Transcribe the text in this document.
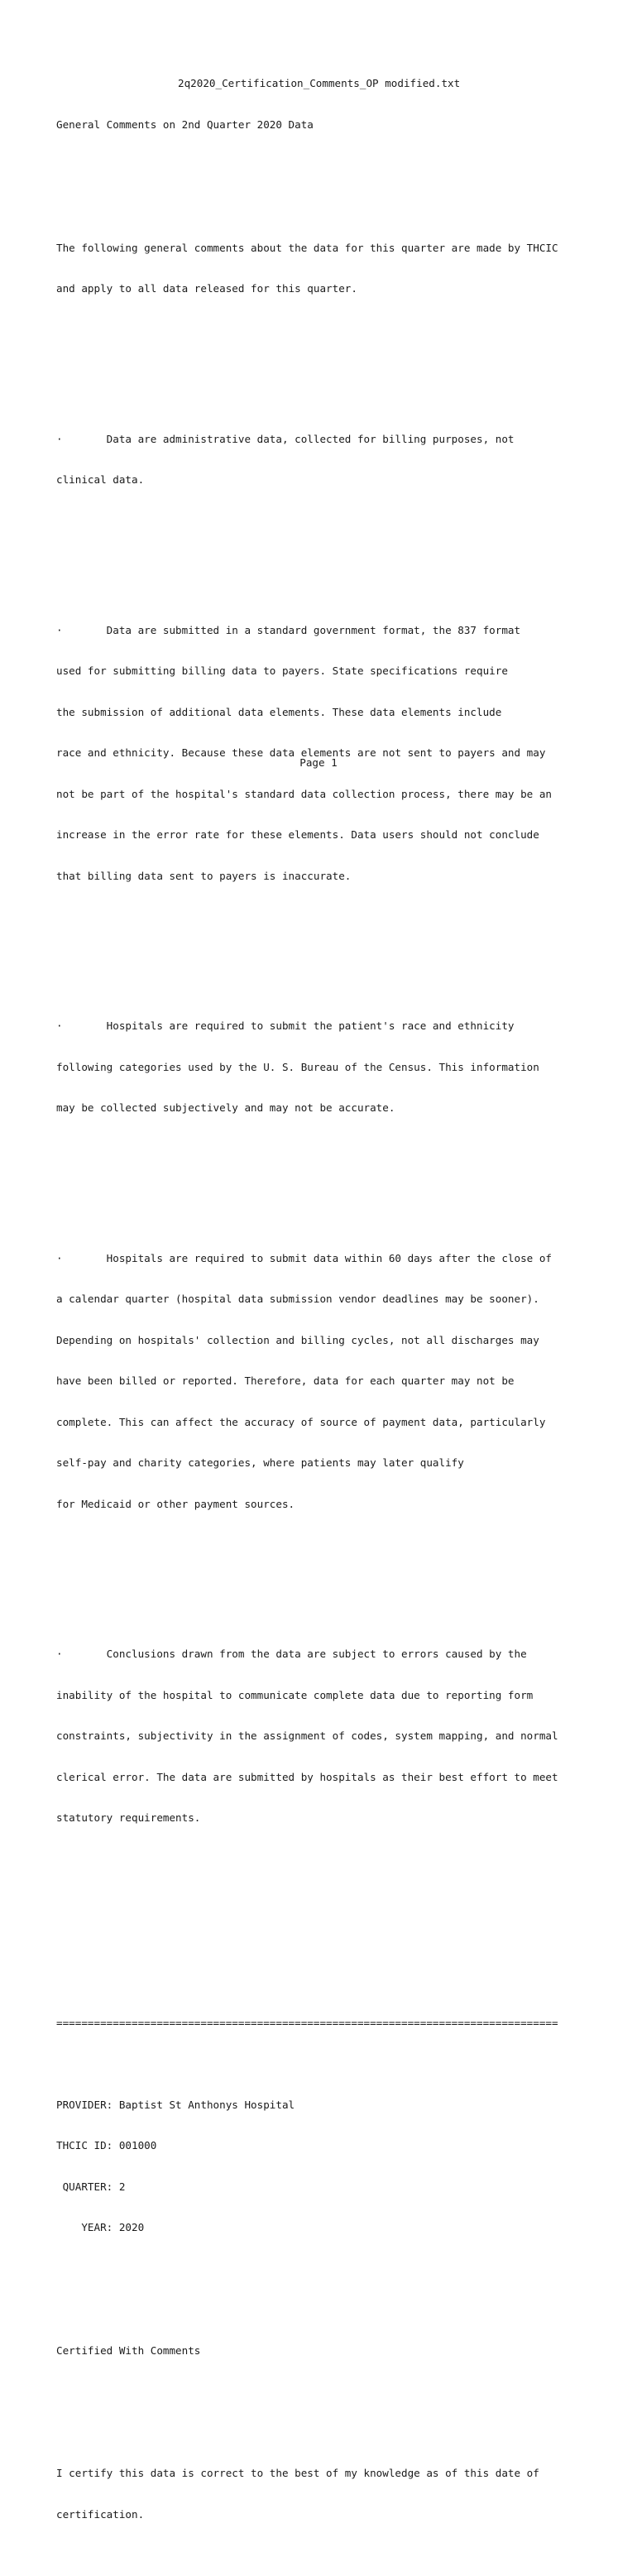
2q2020_Certification_Comments_OP modified.txt

General Comments on 2nd Quarter 2020 Data

The following general comments about the data for this quarter are made by THCIC

and apply to all data released for this quarter.

·       Data are administrative data, collected for billing purposes, not

clinical data.

·       Data are submitted in a standard government format, the 837 format

used for submitting billing data to payers. State specifications require

the submission of additional data elements. These data elements include

race and ethnicity. Because these data elements are not sent to payers and may

not be part of the hospital's standard data collection process, there may be an

increase in the error rate for these elements. Data users should not conclude

that billing data sent to payers is inaccurate.

·       Hospitals are required to submit the patient's race and ethnicity

following categories used by the U. S. Bureau of the Census. This information

may be collected subjectively and may not be accurate.

·       Hospitals are required to submit data within 60 days after the close of

a calendar quarter (hospital data submission vendor deadlines may be sooner).

Depending on hospitals' collection and billing cycles, not all discharges may

have been billed or reported. Therefore, data for each quarter may not be

complete. This can affect the accuracy of source of payment data, particularly

self-pay and charity categories, where patients may later qualify

for Medicaid or other payment sources.

·       Conclusions drawn from the data are subject to errors caused by the

inability of the hospital to communicate complete data due to reporting form

constraints, subjectivity in the assignment of codes, system mapping, and normal

clerical error. The data are submitted by hospitals as their best effort to meet

statutory requirements.

================================================================================

PROVIDER: Baptist St Anthonys Hospital

THCIC ID: 001000

QUARTER: 2

YEAR: 2020

Certified With Comments

I certify this data is correct to the best of my knowledge as of this date of

certification.

Page 1
